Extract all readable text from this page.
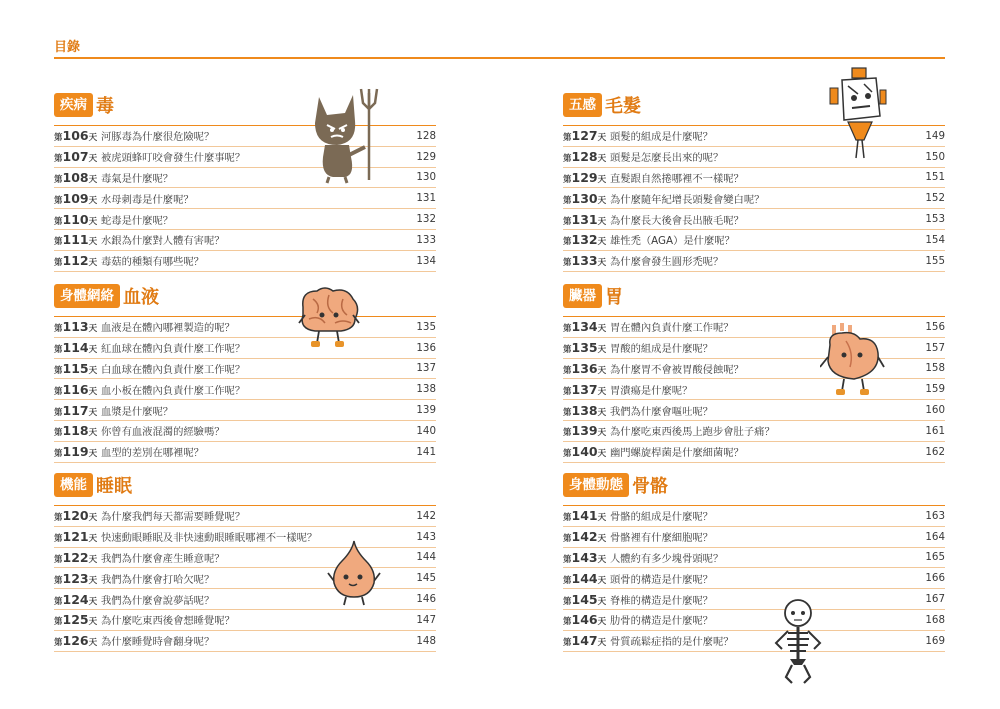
目錄
疾病 毒
第106天 河豚毒為什麼很危險呢？	128
第107天 被虎頭蜂叮咬會發生什麼事呢？	129
第108天 毒氣是什麼呢？	130
第109天 水母刺毒是什麼呢？	131
第110天 蛇毒是什麼呢？	132
第111天 水銀為什麼對人體有害呢？	133
第112天 毒菇的種類有哪些呢？	134
身體網絡 血液
第113天 血液是在體內哪裡製造的呢？	135
第114天 紅血球在體內負責什麼工作呢？	136
第115天 白血球在體內負責什麼工作呢？	137
第116天 血小板在體內負責什麼工作呢？	138
第117天 血漿是什麼呢？	139
第118天 你曾有血液混濁的經驗嗎？	140
第119天 血型的差別在哪裡呢？	141
機能 睡眠
第120天 為什麼我們每天都需要睡覺呢？	142
第121天 快速動眼睡眠及非快速動眼睡眠哪裡不一樣呢？	143
第122天 我們為什麼會產生睡意呢？	144
第123天 我們為什麼會打哈欠呢？	145
第124天 我們為什麼會說夢話呢？	146
第125天 為什麼吃東西後會想睡覺呢？	147
第126天 為什麼睡覺時會翻身呢？	148
五感 毛髮
第127天 頭髮的組成是什麼呢？	149
第128天 頭髮是怎麼長出來的呢？	150
第129天 直髮跟自然捲哪裡不一樣呢？	151
第130天 為什麼隨年紀增長頭髮會變白呢？	152
第131天 為什麼長大後會長出腋毛呢？	153
第132天 雄性禿（AGA）是什麼呢？	154
第133天 為什麼會發生圓形禿呢？	155
臟器 胃
第134天 胃在體內負責什麼工作呢？	156
第135天 胃酸的組成是什麼呢？	157
第136天 為什麼胃不會被胃酸侵蝕呢？	158
第137天 胃潰瘍是什麼呢？	159
第138天 我們為什麼會嘔吐呢？	160
第139天 為什麼吃東西後馬上跑步會肚子痛？	161
第140天 幽門螺旋桿菌是什麼細菌呢？	162
身體動態 骨骼
第141天 骨骼的組成是什麼呢？	163
第142天 骨骼裡有什麼細胞呢？	164
第143天 人體約有多少塊骨頭呢？	165
第144天 頭骨的構造是什麼呢？	166
第145天 脊椎的構造是什麼呢？	167
第146天 肋骨的構造是什麼呢？	168
第147天 骨質疏鬆症指的是什麼呢？	169
